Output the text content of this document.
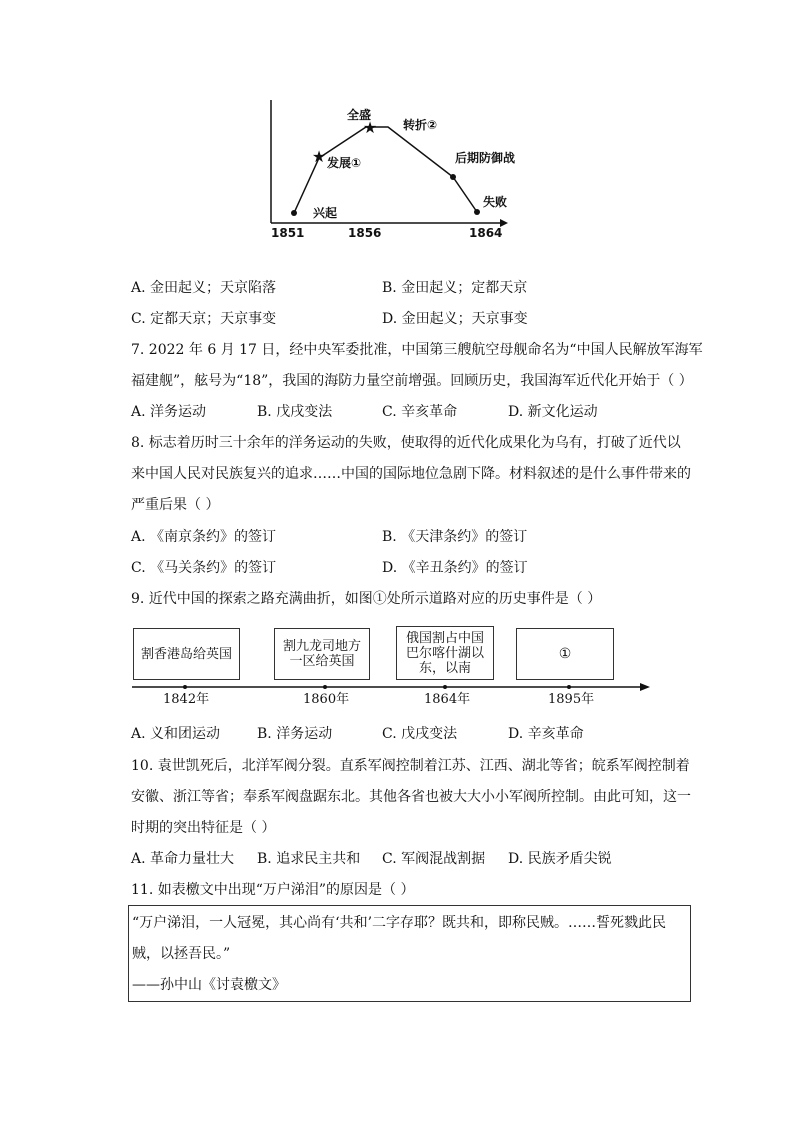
兴起
★ 发展①
★
全盛
转折②
后期防御战
失败
1851	1856	1864
A. 金田起义；天京陷落	B. 金田起义；定都天京
C. 定都天京；天京事变	D. 金田起义；天京事变
7. 2022 年 6 月 17 日，经中央军委批准，中国第三艘航空母舰命名为“中国人民解放军海军
福建舰”，舷号为“18”，我国的海防力量空前增强。回顾历史，我国海军近代化开始于（ ）
A. 洋务运动	B. 戊戌变法	C. 辛亥革命	D. 新文化运动
8. 标志着历时三十余年的洋务运动的失败，使取得的近代化成果化为乌有，打破了近代以
来中国人民对民族复兴的追求……中国的国际地位急剧下降。材料叙述的是什么事件带来的
严重后果（ ）
A. 《南京条约》的签订	B. 《天津条约》的签订
C. 《马关条约》的签订	D. 《辛丑条约》的签订
9. 近代中国的探索之路充满曲折，如图①处所示道路对应的历史事件是（ ）
割香港岛给英国	割九龙司地方一区给英国
俄国割占中国巴尔喀什湖以东，以南
①
1842年	1860年	1864年	1895年
A. 义和团运动	B. 洋务运动	C. 戊戌变法	D. 辛亥革命
10. 袁世凯死后，北洋军阀分裂。直系军阀控制着江苏、江西、湖北等省；皖系军阀控制着
安徽、浙江等省；奉系军阀盘踞东北。其他各省也被大大小小军阀所控制。由此可知，这一
时期的突出特征是（ ）
A. 革命力量壮大 B. 追求民主共和 C. 军阀混战割据 D. 民族矛盾尖锐
11. 如表檄文中出现“万户涕泪”的原因是（ ）
“万户涕泪，一人冠冕，其心尚有‘共和’二字存耶？既共和，即称民贼。……誓死戮此民
贼，以拯吾民。”
——孙中山《讨袁檄文》
